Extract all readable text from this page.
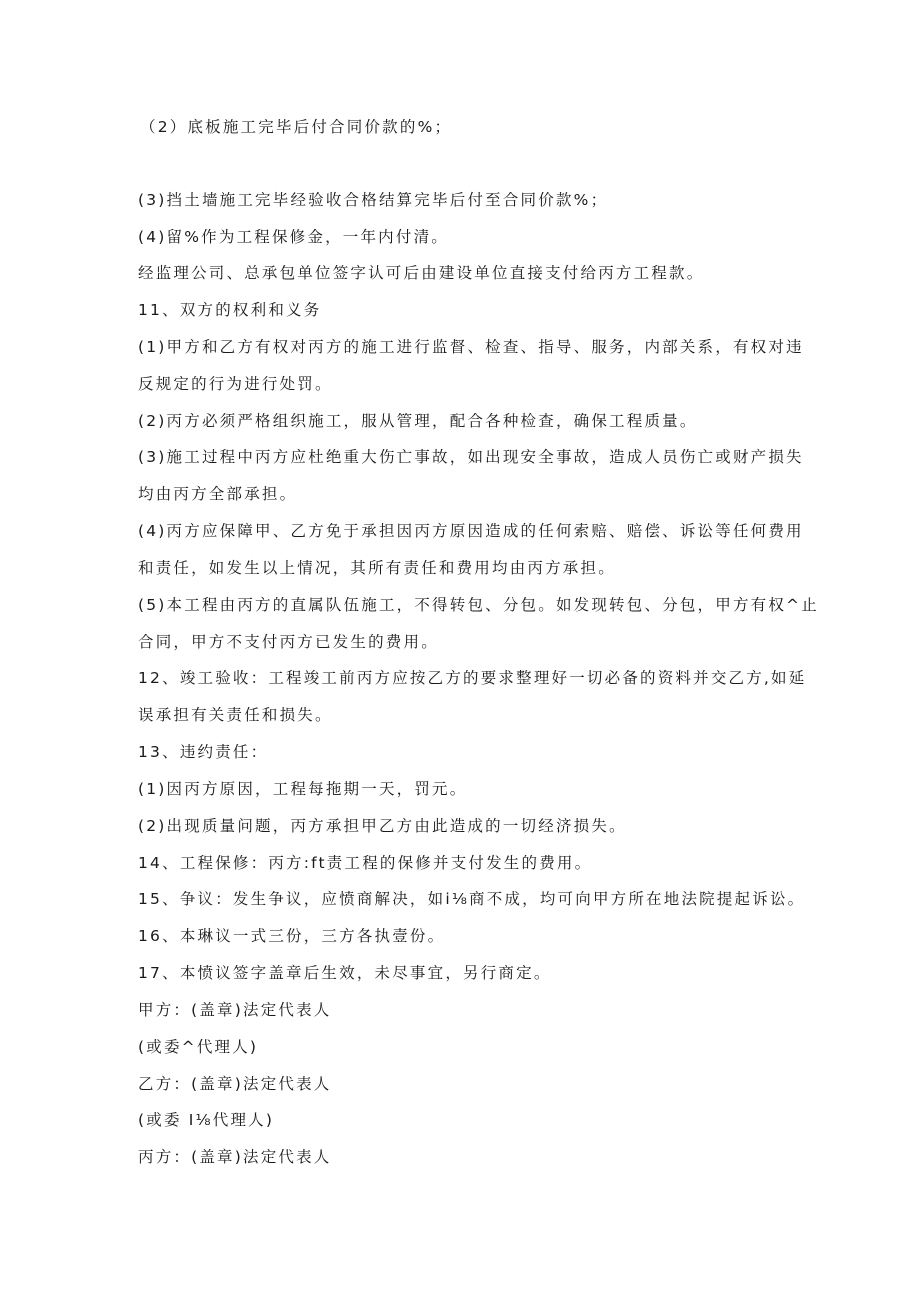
（2）底板施工完毕后付合同价款的%；
(3)挡土墙施工完毕经验收合格结算完毕后付至合同价款%；
(4)留%作为工程保修金，一年内付清。
经监理公司、总承包单位签字认可后由建设单位直接支付给丙方工程款。
11、双方的权利和义务
(1)甲方和乙方有权对丙方的施工进行监督、检查、指导、服务，内部关系，有权对违
反规定的行为进行处罚。
(2)丙方必须严格组织施工，服从管理，配合各种检查，确保工程质量。
(3)施工过程中丙方应杜绝重大伤亡事故，如出现安全事故，造成人员伤亡或财产损失
均由丙方全部承担。
(4)丙方应保障甲、乙方免于承担因丙方原因造成的任何索赔、赔偿、诉讼等任何费用
和责任，如发生以上情况，其所有责任和费用均由丙方承担。
(5)本工程由丙方的直属队伍施工，不得转包、分包。如发现转包、分包，甲方有权^止
合同，甲方不支付丙方已发生的费用。
12、竣工验收：工程竣工前丙方应按乙方的要求整理好一切必备的资料并交乙方,如延
误承担有关责任和损失。
13、违约责任：
(1)因丙方原因，工程每拖期一天，罚元。
(2)出现质量问题，丙方承担甲乙方由此造成的一切经济损失。
14、工程保修：丙方:ft责工程的保修并支付发生的费用。
15、争议：发生争议，应愤商解决，如i⅛商不成，均可向甲方所在地法院提起诉讼。
16、本琳议一式三份，三方各执壹份。
17、本愤议签字盖章后生效，未尽事宜，另行商定。
甲方：(盖章)法定代表人
(或委^代理人)
乙方：(盖章)法定代表人
(或委 I⅛代理人)
丙方：(盖章)法定代表人
